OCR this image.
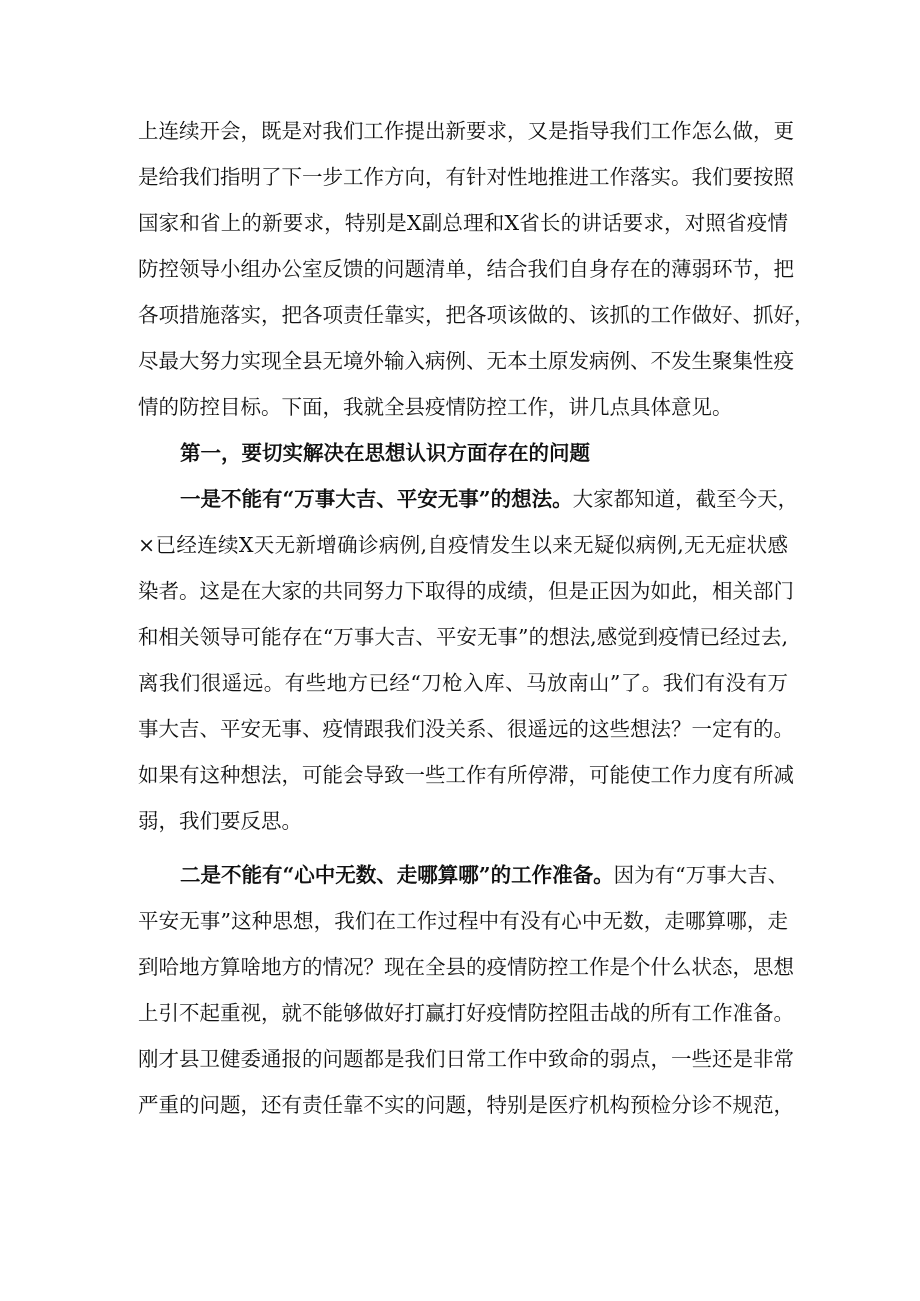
上连续开会，既是对我们工作提出新要求，又是指导我们工作怎么做，更
是给我们指明了下一步工作方向，有针对性地推进工作落实。我们要按照
国家和省上的新要求，特别是X副总理和X省长的讲话要求，对照省疫情
防控领导小组办公室反馈的问题清单，结合我们自身存在的薄弱环节，把
各项措施落实，把各项责任靠实，把各项该做的、该抓的工作做好、抓好，
尽最大努力实现全县无境外输入病例、无本土原发病例、不发生聚集性疫
情的防控目标。下面，我就全县疫情防控工作，讲几点具体意见。
第一，要切实解决在思想认识方面存在的问题
一是不能有“万事大吉、平安无事”的想法。大家都知道，截至今天，
×已经连续X天无新增确诊病例,自疫情发生以来无疑似病例,无无症状感
染者。这是在大家的共同努力下取得的成绩，但是正因为如此，相关部门
和相关领导可能存在“万事大吉、平安无事”的想法,感觉到疫情已经过去,
离我们很遥远。有些地方已经“刀枪入库、马放南山”了。我们有没有万
事大吉、平安无事、疫情跟我们没关系、很遥远的这些想法？一定有的。
如果有这种想法，可能会导致一些工作有所停滞，可能使工作力度有所减
弱，我们要反思。
二是不能有“心中无数、走哪算哪”的工作准备。因为有“万事大吉、
平安无事”这种思想，我们在工作过程中有没有心中无数，走哪算哪，走
到哈地方算啥地方的情况？现在全县的疫情防控工作是个什么状态，思想
上引不起重视，就不能够做好打赢打好疫情防控阻击战的所有工作准备。
刚才县卫健委通报的问题都是我们日常工作中致命的弱点，一些还是非常
严重的问题，还有责任靠不实的问题，特别是医疗机构预检分诊不规范，
